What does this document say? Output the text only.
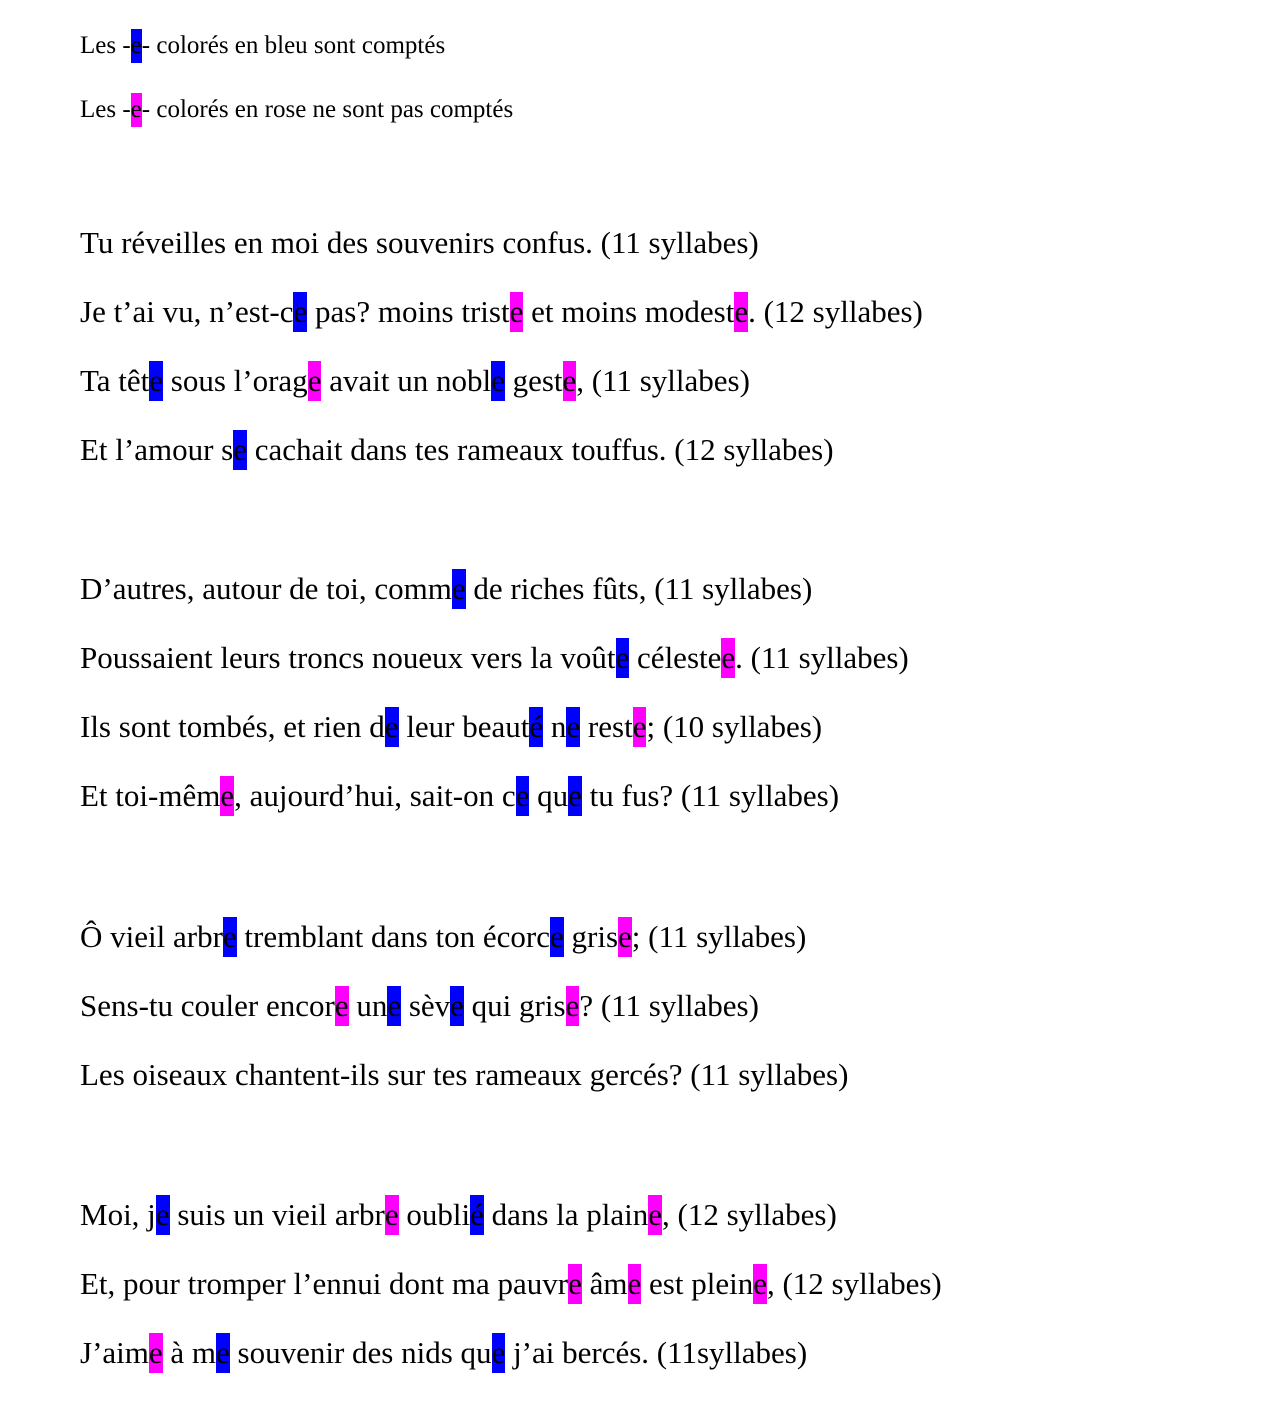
Les -e- colorés en bleu sont comptés
Les -e- colorés en rose ne sont pas comptés
Tu réveilles en moi des souvenirs confus. (11 syllabes)
Je t’ai vu, n’est-ce pas? moins triste et moins modeste. (12 syllabes)
Ta tête sous l’orage avait un noble geste, (11 syllabes)
Et l’amour se cachait dans tes rameaux touffus. (12 syllabes)
D’autres, autour de toi, comme de riches fûts, (11 syllabes)
Poussaient leurs troncs noueux vers la voûte célestee. (11 syllabes)
Ils sont tombés, et rien de leur beauté ne reste; (10 syllabes)
Et toi-même, aujourd’hui, sait-on ce que tu fus? (11 syllabes)
Ô vieil arbre tremblant dans ton écorce grise; (11 syllabes)
Sens-tu couler encore une sève qui grise? (11 syllabes)
Les oiseaux chantent-ils sur tes rameaux gercés? (11 syllabes)
Moi, je suis un vieil arbre oublié dans la plaine, (12 syllabes)
Et, pour tromper l’ennui dont ma pauvre âme est pleine, (12 syllabes)
J’aime à me souvenir des nids que j’ai bercés. (11syllabes)
